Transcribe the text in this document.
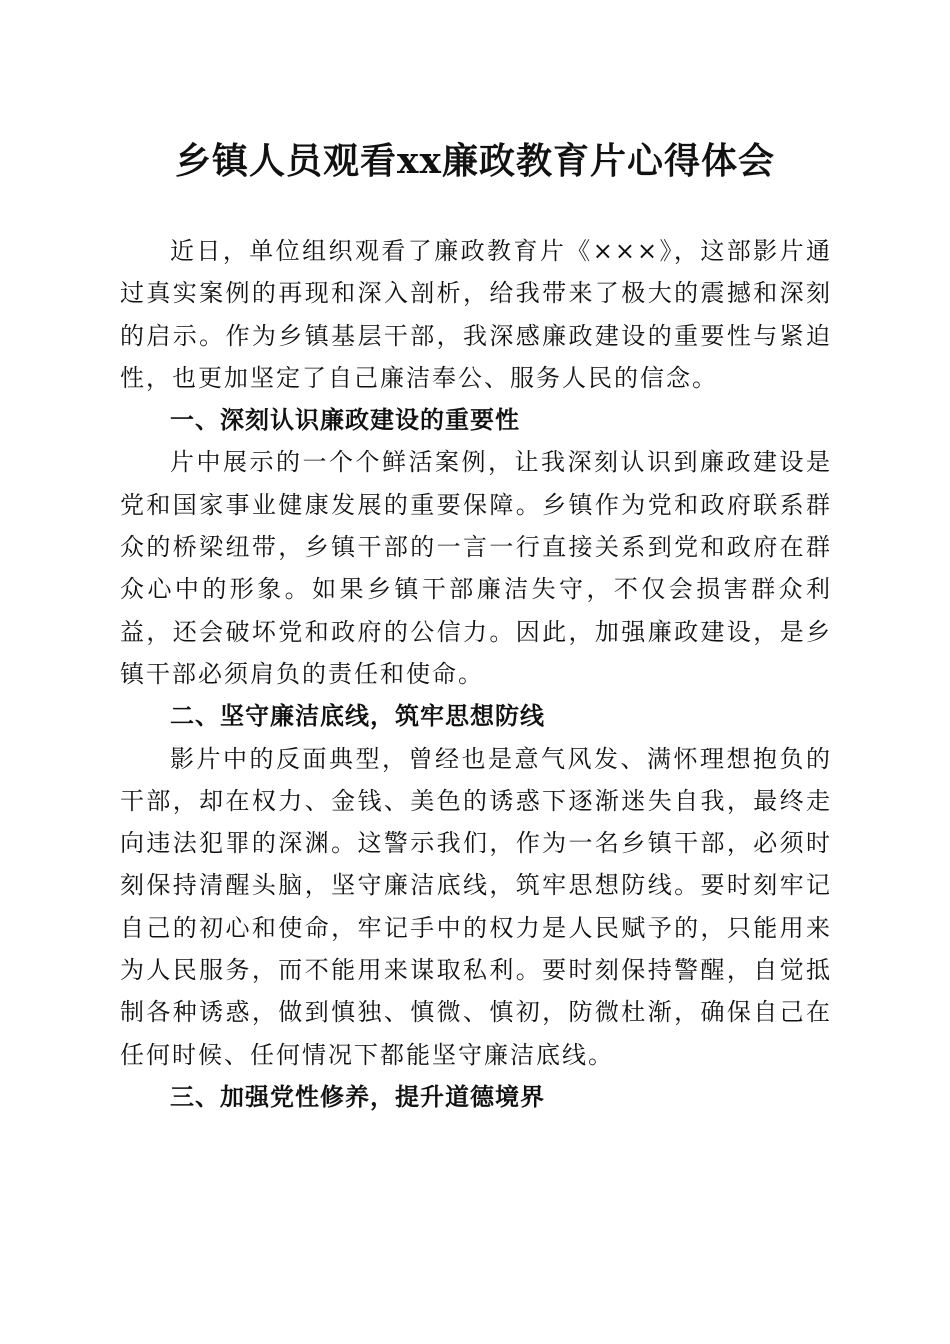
乡镇人员观看xx廉政教育片心得体会

近日，单位组织观看了廉政教育片《×××》，这部影片通过真实案例的再现和深入剖析，给我带来了极大的震撼和深刻的启示。作为乡镇基层干部，我深感廉政建设的重要性与紧迫性，也更加坚定了自己廉洁奉公、服务人民的信念。

一、深刻认识廉政建设的重要性

片中展示的一个个鲜活案例，让我深刻认识到廉政建设是党和国家事业健康发展的重要保障。乡镇作为党和政府联系群众的桥梁纽带，乡镇干部的一言一行直接关系到党和政府在群众心中的形象。如果乡镇干部廉洁失守，不仅会损害群众利益，还会破坏党和政府的公信力。因此，加强廉政建设，是乡镇干部必须肩负的责任和使命。

二、坚守廉洁底线，筑牢思想防线

影片中的反面典型，曾经也是意气风发、满怀理想抱负的干部，却在权力、金钱、美色的诱惑下逐渐迷失自我，最终走向违法犯罪的深渊。这警示我们，作为一名乡镇干部，必须时刻保持清醒头脑，坚守廉洁底线，筑牢思想防线。要时刻牢记自己的初心和使命，牢记手中的权力是人民赋予的，只能用来为人民服务，而不能用来谋取私利。要时刻保持警醒，自觉抵制各种诱惑，做到慎独、慎微、慎初，防微杜渐，确保自己在任何时候、任何情况下都能坚守廉洁底线。

三、加强党性修养，提升道德境界
